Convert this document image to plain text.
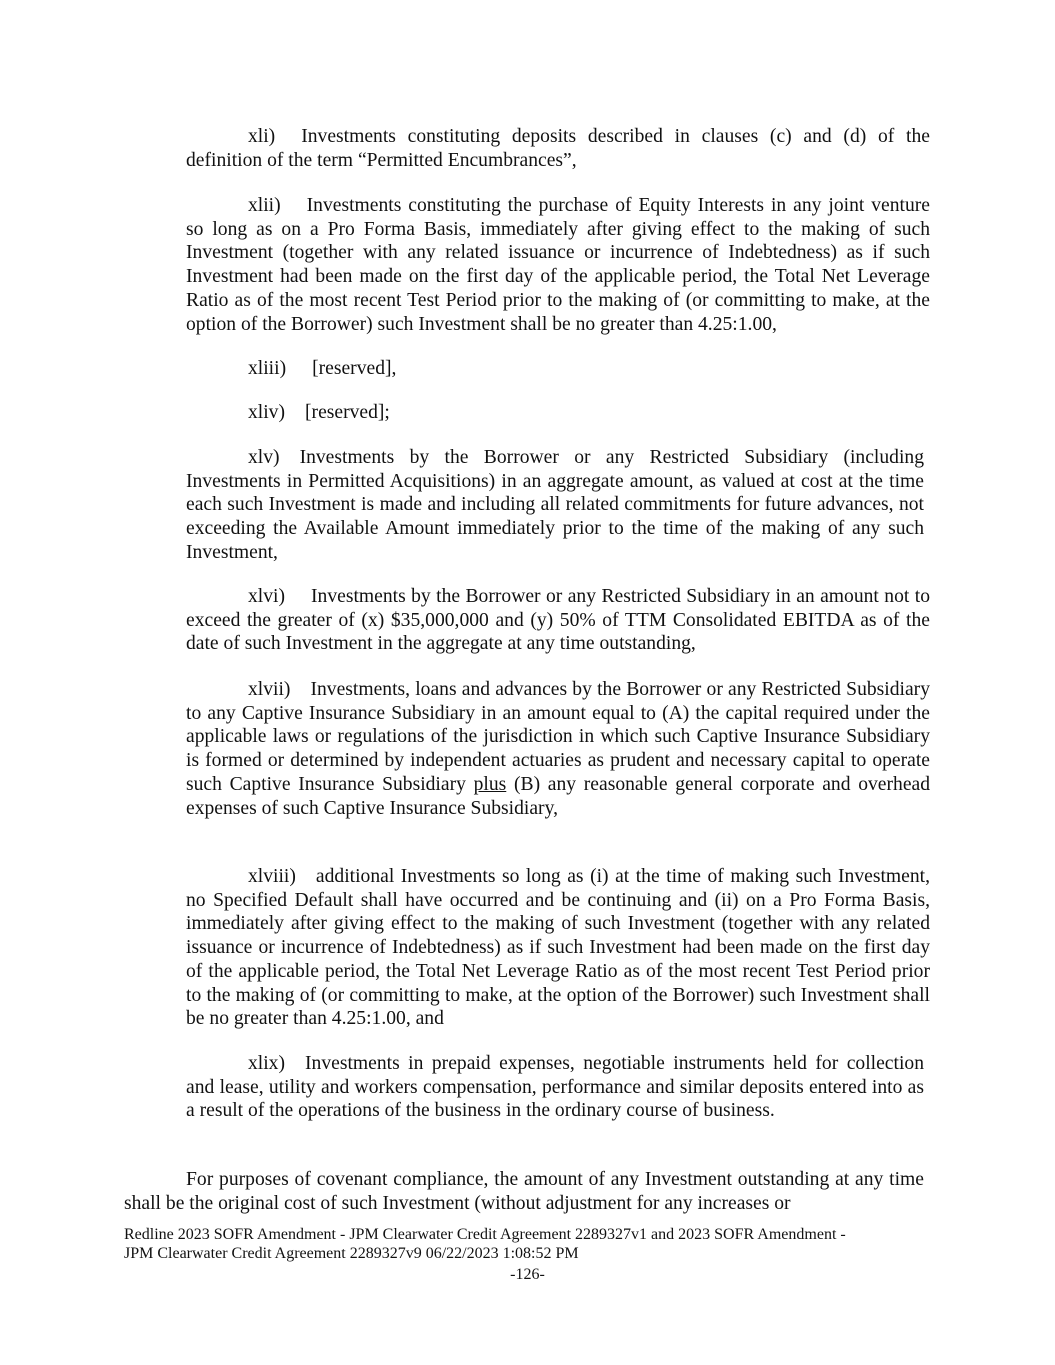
xli) Investments constituting deposits described in clauses (c) and (d) of the definition of the term “Permitted Encumbrances”,

xlii) Investments constituting the purchase of Equity Interests in any joint venture so long as on a Pro Forma Basis, immediately after giving effect to the making of such Investment (together with any related issuance or incurrence of Indebtedness) as if such Investment had been made on the first day of the applicable period, the Total Net Leverage Ratio as of the most recent Test Period prior to the making of (or committing to make, at the option of the Borrower) such Investment shall be no greater than 4.25:1.00,

xliii) [reserved],

xliv) [reserved];

xlv) Investments by the Borrower or any Restricted Subsidiary (including Investments in Permitted Acquisitions) in an aggregate amount, as valued at cost at the time each such Investment is made and including all related commitments for future advances, not exceeding the Available Amount immediately prior to the time of the making of any such Investment,

xlvi) Investments by the Borrower or any Restricted Subsidiary in an amount not to exceed the greater of (x) $35,000,000 and (y) 50% of TTM Consolidated EBITDA as of the date of such Investment in the aggregate at any time outstanding,

xlvii) Investments, loans and advances by the Borrower or any Restricted Subsidiary to any Captive Insurance Subsidiary in an amount equal to (A) the capital required under the applicable laws or regulations of the jurisdiction in which such Captive Insurance Subsidiary is formed or determined by independent actuaries as prudent and necessary capital to operate such Captive Insurance Subsidiary plus (B) any reasonable general corporate and overhead expenses of such Captive Insurance Subsidiary,

xlviii) additional Investments so long as (i) at the time of making such Investment, no Specified Default shall have occurred and be continuing and (ii) on a Pro Forma Basis, immediately after giving effect to the making of such Investment (together with any related issuance or incurrence of Indebtedness) as if such Investment had been made on the first day of the applicable period, the Total Net Leverage Ratio as of the most recent Test Period prior to the making of (or committing to make, at the option of the Borrower) such Investment shall be no greater than 4.25:1.00, and

xlix) Investments in prepaid expenses, negotiable instruments held for collection and lease, utility and workers compensation, performance and similar deposits entered into as a result of the operations of the business in the ordinary course of business.

For purposes of covenant compliance, the amount of any Investment outstanding at any time shall be the original cost of such Investment (without adjustment for any increases or

Redline 2023 SOFR Amendment - JPM Clearwater Credit Agreement 2289327v1 and 2023 SOFR Amendment -
JPM Clearwater Credit Agreement 2289327v9 06/22/2023 1:08:52 PM

-126-
